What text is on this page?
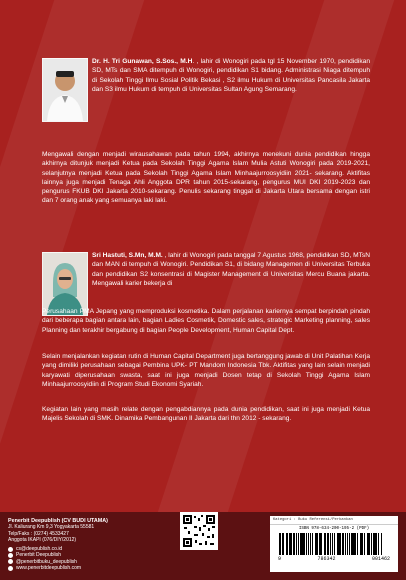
Dr. H. Tri Gunawan, S.Sos., M.H. , lahir di Wonogiri pada tgl 15 November 1970, pendidikan SD, MTs dan SMA ditempuh di Wonogiri, pendidikan S1 bidang. Administrasi Niaga ditempuh di Sekolah Tinggi Ilmu Sosial Politik Bekasi , S2 ilmu Hukum di Universitas Pancasila Jakarta dan S3 ilmu Hukum di tempuh di Universitas Sultan Agung Semarang.

Mengawali dengan menjadi wirausahawan pada tahun 1994, akhirnya menekuni dunia pendidikan hingga akhirnya ditunjuk menjadi Ketua pada Sekolah Tinggi Agama Islam Mulia Astuti Wonogiri pada 2019-2021, selanjutnya menjadi Ketua pada Sekolah Tinggi Agama Islam Minhaajurroosyidiin 2021- sekarang. Aktifitas lainnya juga menjadi Tenaga Ahli Anggota DPR tahun 2015-sekarang, pengurus MUI DKI 2019-2023 dan pengurus FKUB DKI Jakarta 2010-sekarang. Penulis sekarang tinggal di Jakarta Utara bersama dengan istri dan 7 orang anak yang semuanya laki laki.

Sri Hastuti, S.Mn, M.M. , lahir di Wonogiri pada tanggal 7 Agustus 1968, pendidikan SD, MTsN dan MAN di tempuh di Wonogiri. Pendidikan S1, di bidang Managemen di Universitas Terbuka dan pendidikan S2 konsentrasi di Magister Management di Universitas Mercu Buana jakarta. Mengawali karier bekerja di

Perusahaan PMA Jepang yang memproduksi kosmetika. Dalam perjalanan kariernya sempat berpindah pindah dari beberapa bagian antara lain, bagian Ladies Cosmetik, Domestic sales, strategic Marketing planning, sales Planning dan terakhir bergabung di bagian People Development, Human Capital Dept.

Selain menjalankan kegiatan rutin di Human Capital Department juga bertanggung jawab di Unit Palatihan Kerja yang dimiliki perusahaan sebagai Pembina UPK- PT Mandom Indonesia Tbk. Aktifitas yang lain selain menjadi karyawati diperusahaan swasta, saat ini juga menjadi Dosen tetap di Sekolah Tinggi Agama Islam Minhaajurroosyidiin di Program Studi Ekonomi Syariah.

Kegiatan lain yang masih relate dengan pengabdiannya pada dunia pendidikan, saat ini juga menjadi Ketua Majelis Sekolah di SMK. Dinamika Pembangunan II Jakarta dari thn 2012 - sekarang.

Penerbit Deepublish (CV BUDI UTAMA)
Jl. Kaliurang Km 9,3 Yogyakarta 55581
Telp/Faks : (0274) 4533427
Anggota IKAPI (076/DIY/2012)
cs@deepublish.co.id
Penerbit Deepublish
@penerbitbuku_deepublish
www.penerbitdeepublish.com
Kategori : Buku Referensi/Perbankan
ISBN 978-634-200-195-2 (PDF)
9	786342	001462
